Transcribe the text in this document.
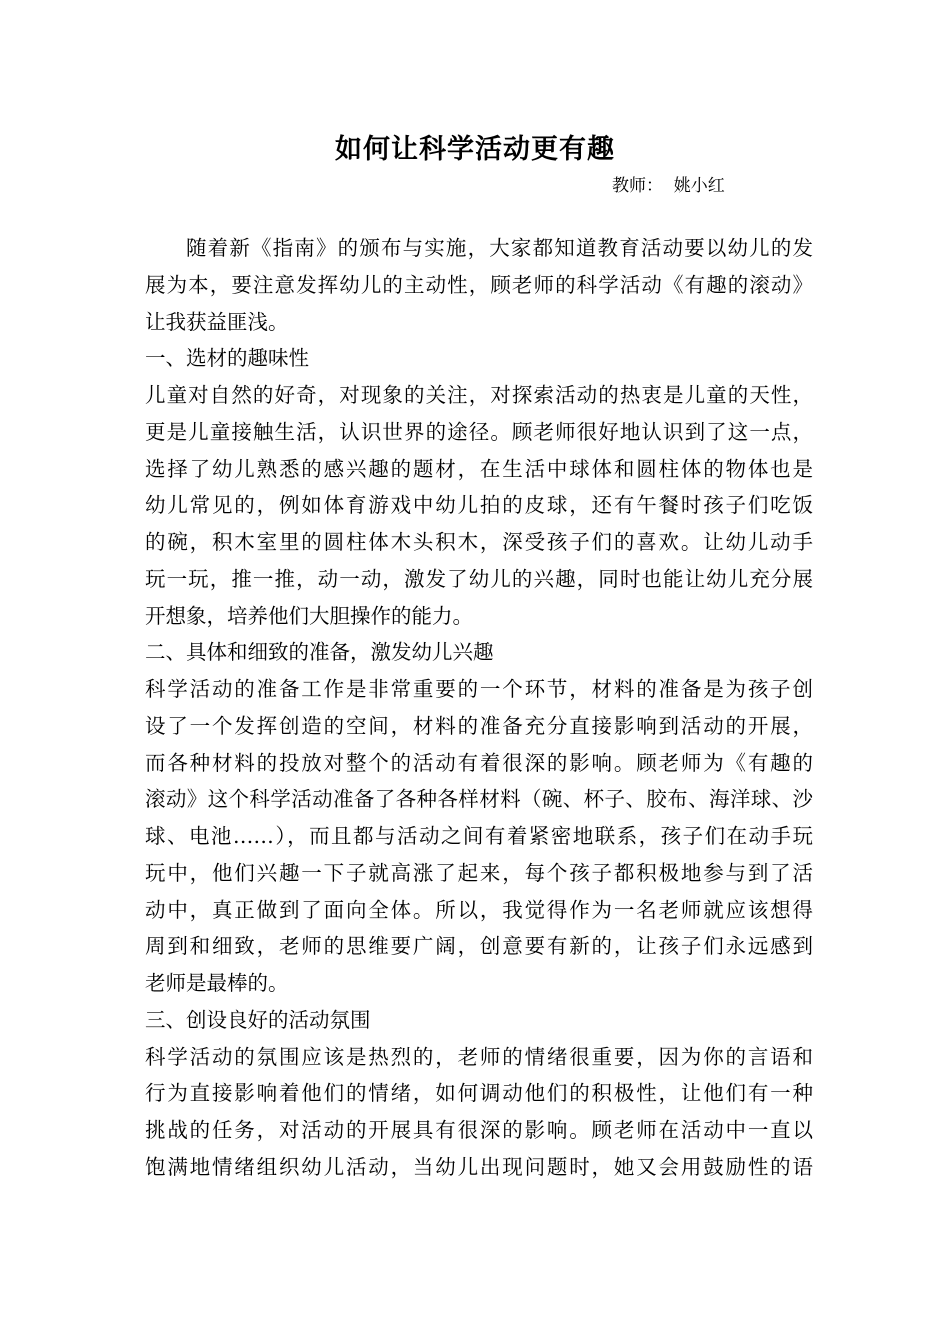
如何让科学活动更有趣
教师：  姚小红
随着新《指南》的颁布与实施，大家都知道教育活动要以幼儿的发
展为本，要注意发挥幼儿的主动性，顾老师的科学活动《有趣的滚动》
让我获益匪浅。
一、选材的趣味性
儿童对自然的好奇，对现象的关注，对探索活动的热衷是儿童的天性，
更是儿童接触生活，认识世界的途径。顾老师很好地认识到了这一点，
选择了幼儿熟悉的感兴趣的题材，在生活中球体和圆柱体的物体也是
幼儿常见的，例如体育游戏中幼儿拍的皮球，还有午餐时孩子们吃饭
的碗，积木室里的圆柱体木头积木，深受孩子们的喜欢。让幼儿动手
玩一玩，推一推，动一动，激发了幼儿的兴趣，同时也能让幼儿充分展
开想象，培养他们大胆操作的能力。
二、具体和细致的准备，激发幼儿兴趣
科学活动的准备工作是非常重要的一个环节，材料的准备是为孩子创
设了一个发挥创造的空间，材料的准备充分直接影响到活动的开展，
而各种材料的投放对整个的活动有着很深的影响。顾老师为《有趣的
滚动》这个科学活动准备了各种各样材料（碗、杯子、胶布、海洋球、沙
球、电池……），而且都与活动之间有着紧密地联系，孩子们在动手玩
玩中，他们兴趣一下子就高涨了起来，每个孩子都积极地参与到了活
动中，真正做到了面向全体。所以，我觉得作为一名老师就应该想得
周到和细致，老师的思维要广阔，创意要有新的，让孩子们永远感到
老师是最棒的。
三、创设良好的活动氛围
科学活动的氛围应该是热烈的，老师的情绪很重要，因为你的言语和
行为直接影响着他们的情绪，如何调动他们的积极性，让他们有一种
挑战的任务，对活动的开展具有很深的影响。顾老师在活动中一直以
饱满地情绪组织幼儿活动，当幼儿出现问题时，她又会用鼓励性的语
